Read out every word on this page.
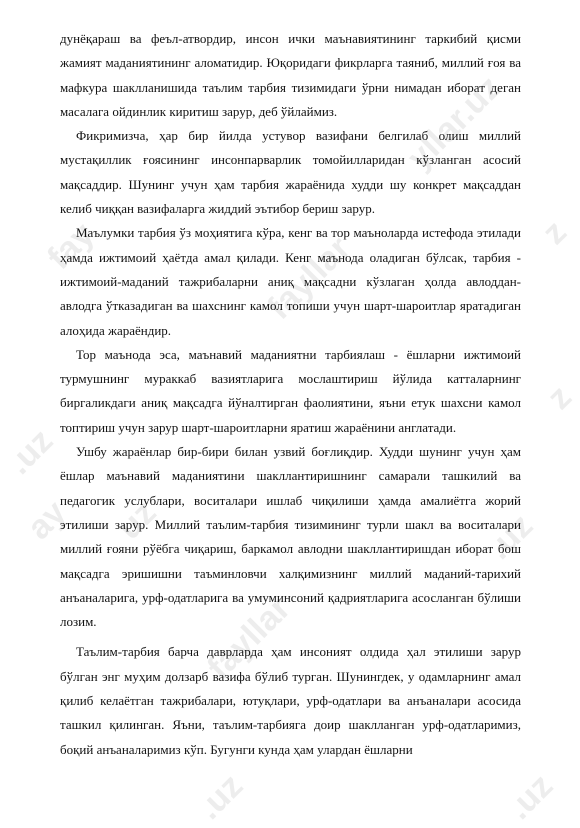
yllar.uz
fay	fayllar	z
.uz
ay uz
fayllar
.uz
z
.uz	.uz

дунёқараш ва феъл-атвордир, инсон ички маънавиятининг таркибий қисми жамият маданиятининг аломатидир. Юқоридаги фикрларга таяниб, миллий ғоя ва мафкура шаклланишида таълим тарбия тизимидаги ўрни нимадан иборат деган масалага ойдинлик киритиш зарур, деб ўйлаймиз.

Фикримизча, ҳар бир йилда устувор вазифани белгилаб олиш миллий мустақиллик ғоясининг инсонпарварлик томойилларидан кўзланган асосий мақсаддир. Шунинг учун ҳам тарбия жараёнида худди шу конкрет мақсаддан келиб чиққан вазифаларга жиддий эътибор бериш зарур.

Маълумки тарбия ўз моҳиятига кўра, кенг ва тор маъноларда истефода этилади ҳамда ижтимоий ҳаётда амал қилади. Кенг маънода оладиган бўлсак, тарбия - ижтимоий-маданий тажрибаларни аниқ мақсадни кўзлаган ҳолда авлоддан-авлодга ўтказадиган ва шахснинг камол топиши учун шарт-шароитлар яратадиган алоҳида жараёндир.

Тор маънода эса, маънавий маданиятни тарбиялаш - ёшларни ижтимоий турмушнинг мураккаб вазиятларига мослаштириш йўлида катталарнинг биргаликдаги аниқ мақсадга йўналтирган фаолиятини, яъни етук шахсни камол топтириш учун зарур шарт-шароитларни яратиш жараёнини англатади.

Ушбу жараёнлар бир-бири билан узвий боғлиқдир. Худди шунинг учун ҳам ёшлар маънавий маданиятини шакллантиришнинг самарали ташкилий ва педагогик услублари, воситалари ишлаб чиқилиши ҳамда амалиётга жорий этилиши зарур. Миллий таълим-тарбия тизимининг турли шакл ва воситалари миллий ғояни рўёбга чиқариш, баркамол авлодни шакллантиришдан иборат бош мақсадга эришишни таъминловчи халқимизнинг миллий маданий-тарихий анъаналарига, урф-одатларига ва умуминсоний қадриятларига асосланган бўлиши лозим.

Таълим-тарбия барча даврларда ҳам инсоният олдида ҳал этилиши зарур бўлган энг муҳим долзарб вазифа бўлиб турган. Шунингдек, у одамларнинг амал қилиб келаётган тажрибалари, ютуқлари, урф-одатлари ва анъаналари асосида ташкил қилинган. Яъни, таълим-тарбияга доир шаклланган урф-одатларимиз, боқий анъаналаримиз кўп. Бугунги кунда ҳам улардан ёшларни
